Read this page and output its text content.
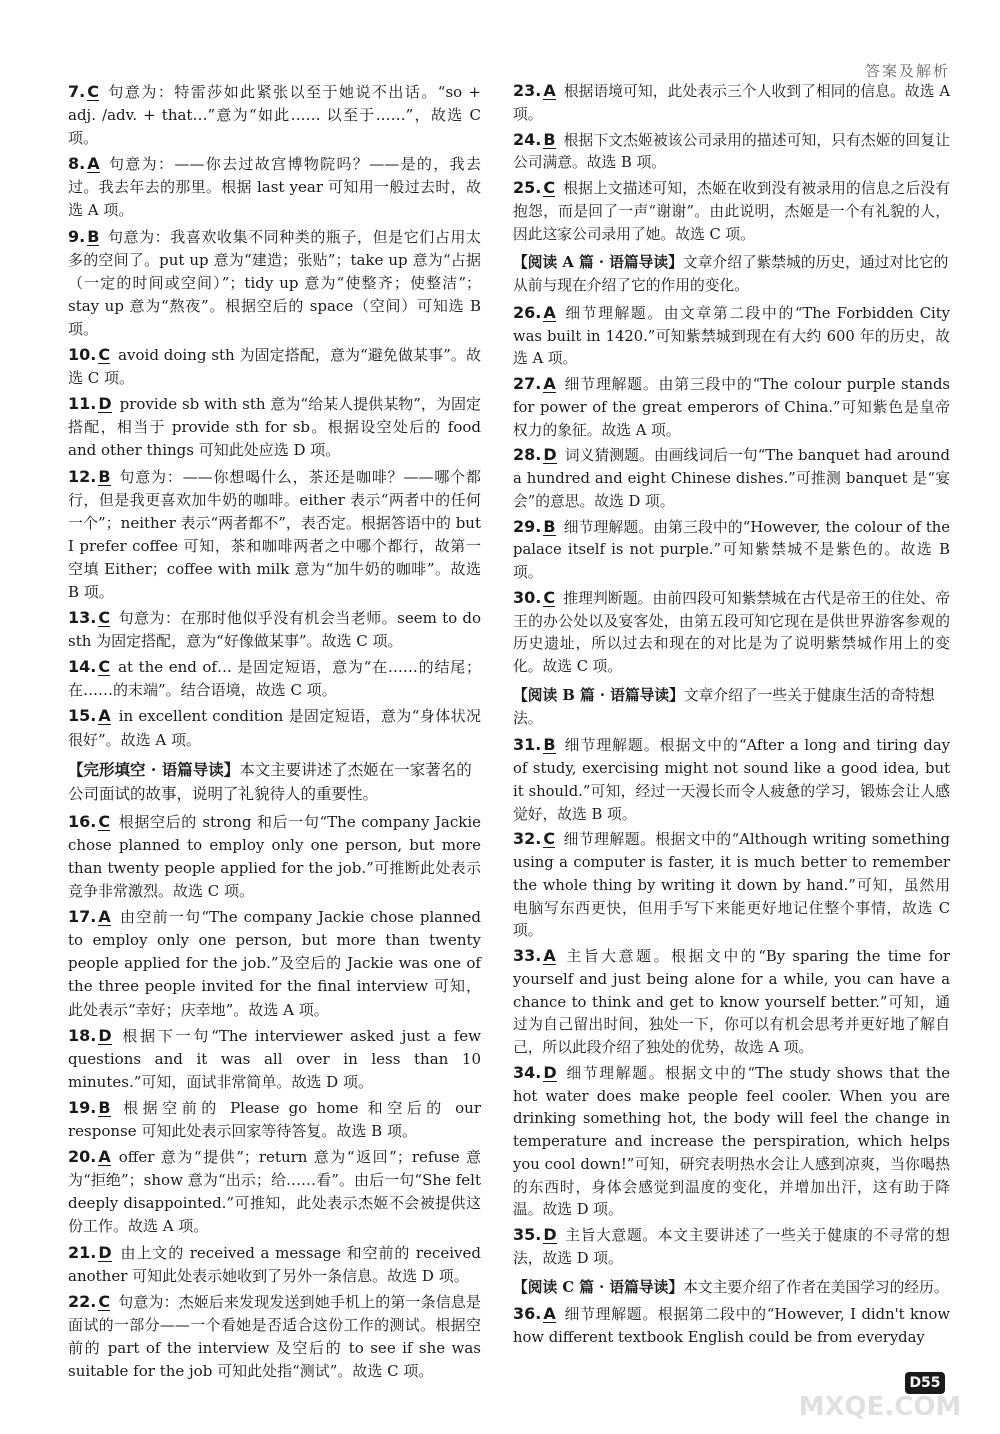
答案及解析
7. C 句意为：特雷莎如此紧张以至于她说不出话。“so + adj. /adv. + that…”意为“如此…… 以至于……”，故选 C 项。
8. A 句意为：——你去过故宫博物院吗？——是的，我去过。我去年去的那里。根据 last year 可知用一般过去时，故选 A 项。
9. B 句意为：我喜欢收集不同种类的瓶子，但是它们占用太多的空间了。put up 意为“建造；张贴”；take up 意为“占据（一定的时间或空间）”；tidy up 意为“使整齐；使整洁”；stay up 意为“熬夜”。根据空后的 space（空间）可知选 B 项。
10. C avoid doing sth 为固定搭配，意为“避免做某事”。故选 C 项。
11. D provide sb with sth 意为“给某人提供某物”，为固定搭配，相当于 provide sth for sb。根据设空处后的 food and other things 可知此处应选 D 项。
12. B 句意为：——你想喝什么，茶还是咖啡？——哪个都行，但是我更喜欢加牛奶的咖啡。either 表示“两者中的任何一个”；neither 表示“两者都不”，表否定。根据答语中的 but I prefer coffee 可知，茶和咖啡两者之中哪个都行，故第一空填 Either；coffee with milk 意为“加牛奶的咖啡”。故选 B 项。
13. C 句意为：在那时他似乎没有机会当老师。seem to do sth 为固定搭配，意为“好像做某事”。故选 C 项。
14. C at the end of… 是固定短语，意为“在……的结尾；在……的末端”。结合语境，故选 C 项。
15. A in excellent condition 是固定短语，意为“身体状况很好”。故选 A 项。
【完形填空 · 语篇导读】本文主要讲述了杰姬在一家著名的公司面试的故事，说明了礼貌待人的重要性。
16. C 根据空后的 strong 和后一句“The company Jackie chose planned to employ only one person, but more than twenty people applied for the job.”可推断此处表示竞争非常激烈。故选 C 项。
17. A 由空前一句“The company Jackie chose planned to employ only one person, but more than twenty people applied for the job.”及空后的 Jackie was one of the three people invited for the final interview 可知，此处表示“幸好；庆幸地”。故选 A 项。
18. D 根据下一句“The interviewer asked just a few questions and it was all over in less than 10 minutes.”可知，面试非常简单。故选 D 项。
19. B 根据空前的 Please go home 和空后的 our response 可知此处表示回家等待答复。故选 B 项。
20. A offer 意为“提供”；return 意为“返回”；refuse 意为“拒绝”；show 意为“出示；给……看”。由后一句“She felt deeply disappointed.”可推知，此处表示杰姬不会被提供这份工作。故选 A 项。
21. D 由上文的 received a message 和空前的 received another 可知此处表示她收到了另外一条信息。故选 D 项。
22. C 句意为：杰姬后来发现发送到她手机上的第一条信息是面试的一部分——一个看她是否适合这份工作的测试。根据空前的 part of the interview 及空后的 to see if she was suitable for the job 可知此处指“测试”。故选 C 项。
23. A 根据语境可知，此处表示三个人收到了相同的信息。故选 A 项。
24. B 根据下文杰姬被该公司录用的描述可知，只有杰姬的回复让公司满意。故选 B 项。
25. C 根据上文描述可知，杰姬在收到没有被录用的信息之后没有抱怨，而是回了一声“谢谢”。由此说明，杰姬是一个有礼貌的人，因此这家公司录用了她。故选 C 项。
【阅读 A 篇 · 语篇导读】文章介绍了紫禁城的历史，通过对比它的从前与现在介绍了它的作用的变化。
26. A 细节理解题。由文章第二段中的“The Forbidden City was built in 1420.”可知紫禁城到现在有大约 600 年的历史，故选 A 项。
27. A 细节理解题。由第三段中的“The colour purple stands for power of the great emperors of China.”可知紫色是皇帝权力的象征。故选 A 项。
28. D 词义猜测题。由画线词后一句“The banquet had around a hundred and eight Chinese dishes.”可推测 banquet 是“宴会”的意思。故选 D 项。
29. B 细节理解题。由第三段中的“However, the colour of the palace itself is not purple.”可知紫禁城不是紫色的。故选 B 项。
30. C 推理判断题。由前四段可知紫禁城在古代是帝王的住处、帝王的办公处以及宴客处，由第五段可知它现在是供世界游客参观的历史遗址，所以过去和现在的对比是为了说明紫禁城作用上的变化。故选 C 项。
【阅读 B 篇 · 语篇导读】文章介绍了一些关于健康生活的奇特想法。
31. B 细节理解题。根据文中的“After a long and tiring day of study, exercising might not sound like a good idea, but it should.”可知，经过一天漫长而令人疲惫的学习，锻炼会让人感觉好，故选 B 项。
32. C 细节理解题。根据文中的“Although writing something using a computer is faster, it is much better to remember the whole thing by writing it down by hand.”可知，虽然用电脑写东西更快，但用手写下来能更好地记住整个事情，故选 C 项。
33. A 主旨大意题。根据文中的“By sparing the time for yourself and just being alone for a while, you can have a chance to think and get to know yourself better.”可知，通过为自己留出时间，独处一下，你可以有机会思考并更好地了解自己，所以此段介绍了独处的优势，故选 A 项。
34. D 细节理解题。根据文中的“The study shows that the hot water does make people feel cooler. When you are drinking something hot, the body will feel the change in temperature and increase the perspiration, which helps you cool down!”可知，研究表明热水会让人感到凉爽，当你喝热的东西时，身体会感觉到温度的变化，并增加出汗，这有助于降温。故选 D 项。
35. D 主旨大意题。本文主要讲述了一些关于健康的不寻常的想法，故选 D 项。
【阅读 C 篇 · 语篇导读】本文主要介绍了作者在美国学习的经历。
36. A 细节理解题。根据第二段中的“However, I didn't know how different textbook English could be from everyday
D55
MXQE.COM
